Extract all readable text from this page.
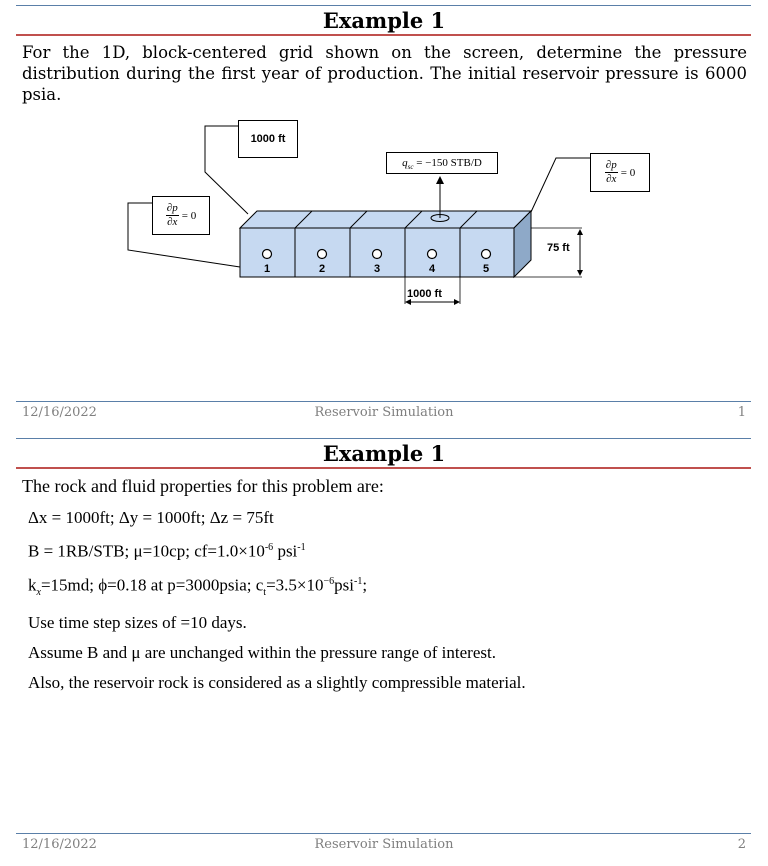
Example 1
For the 1D, block-centered grid shown on the screen, determine the pressure distribution during the first year of production. The initial reservoir pressure is 6000 psia.
1000 ft
$q_{sc} = -150$ STB/D
$\frac{\partial p}{\partial x} = 0$
$\frac{\partial p}{\partial x} = 0$
75 ft
1000 ft
1	2	3	4	5
12/16/2022	Reservoir Simulation	1
Example 1
The rock and fluid properties for this problem are:
Δx = 1000ft; Δy = 1000ft; Δz = 75ft
B = 1RB/STB; μ=10cp; $cf=1.0\times 10^{-6}$ psi$^{-1}$
$k_x=15md$; ϕ=0.18 at p=3000psia; $c_t=3.5\times 10^{-6}psi^{-1}$;
Use time step sizes of =10 days.
Assume B and μ are unchanged within the pressure range of interest.
Also, the reservoir rock is considered as a slightly compressible material.
12/16/2022	Reservoir Simulation	2
